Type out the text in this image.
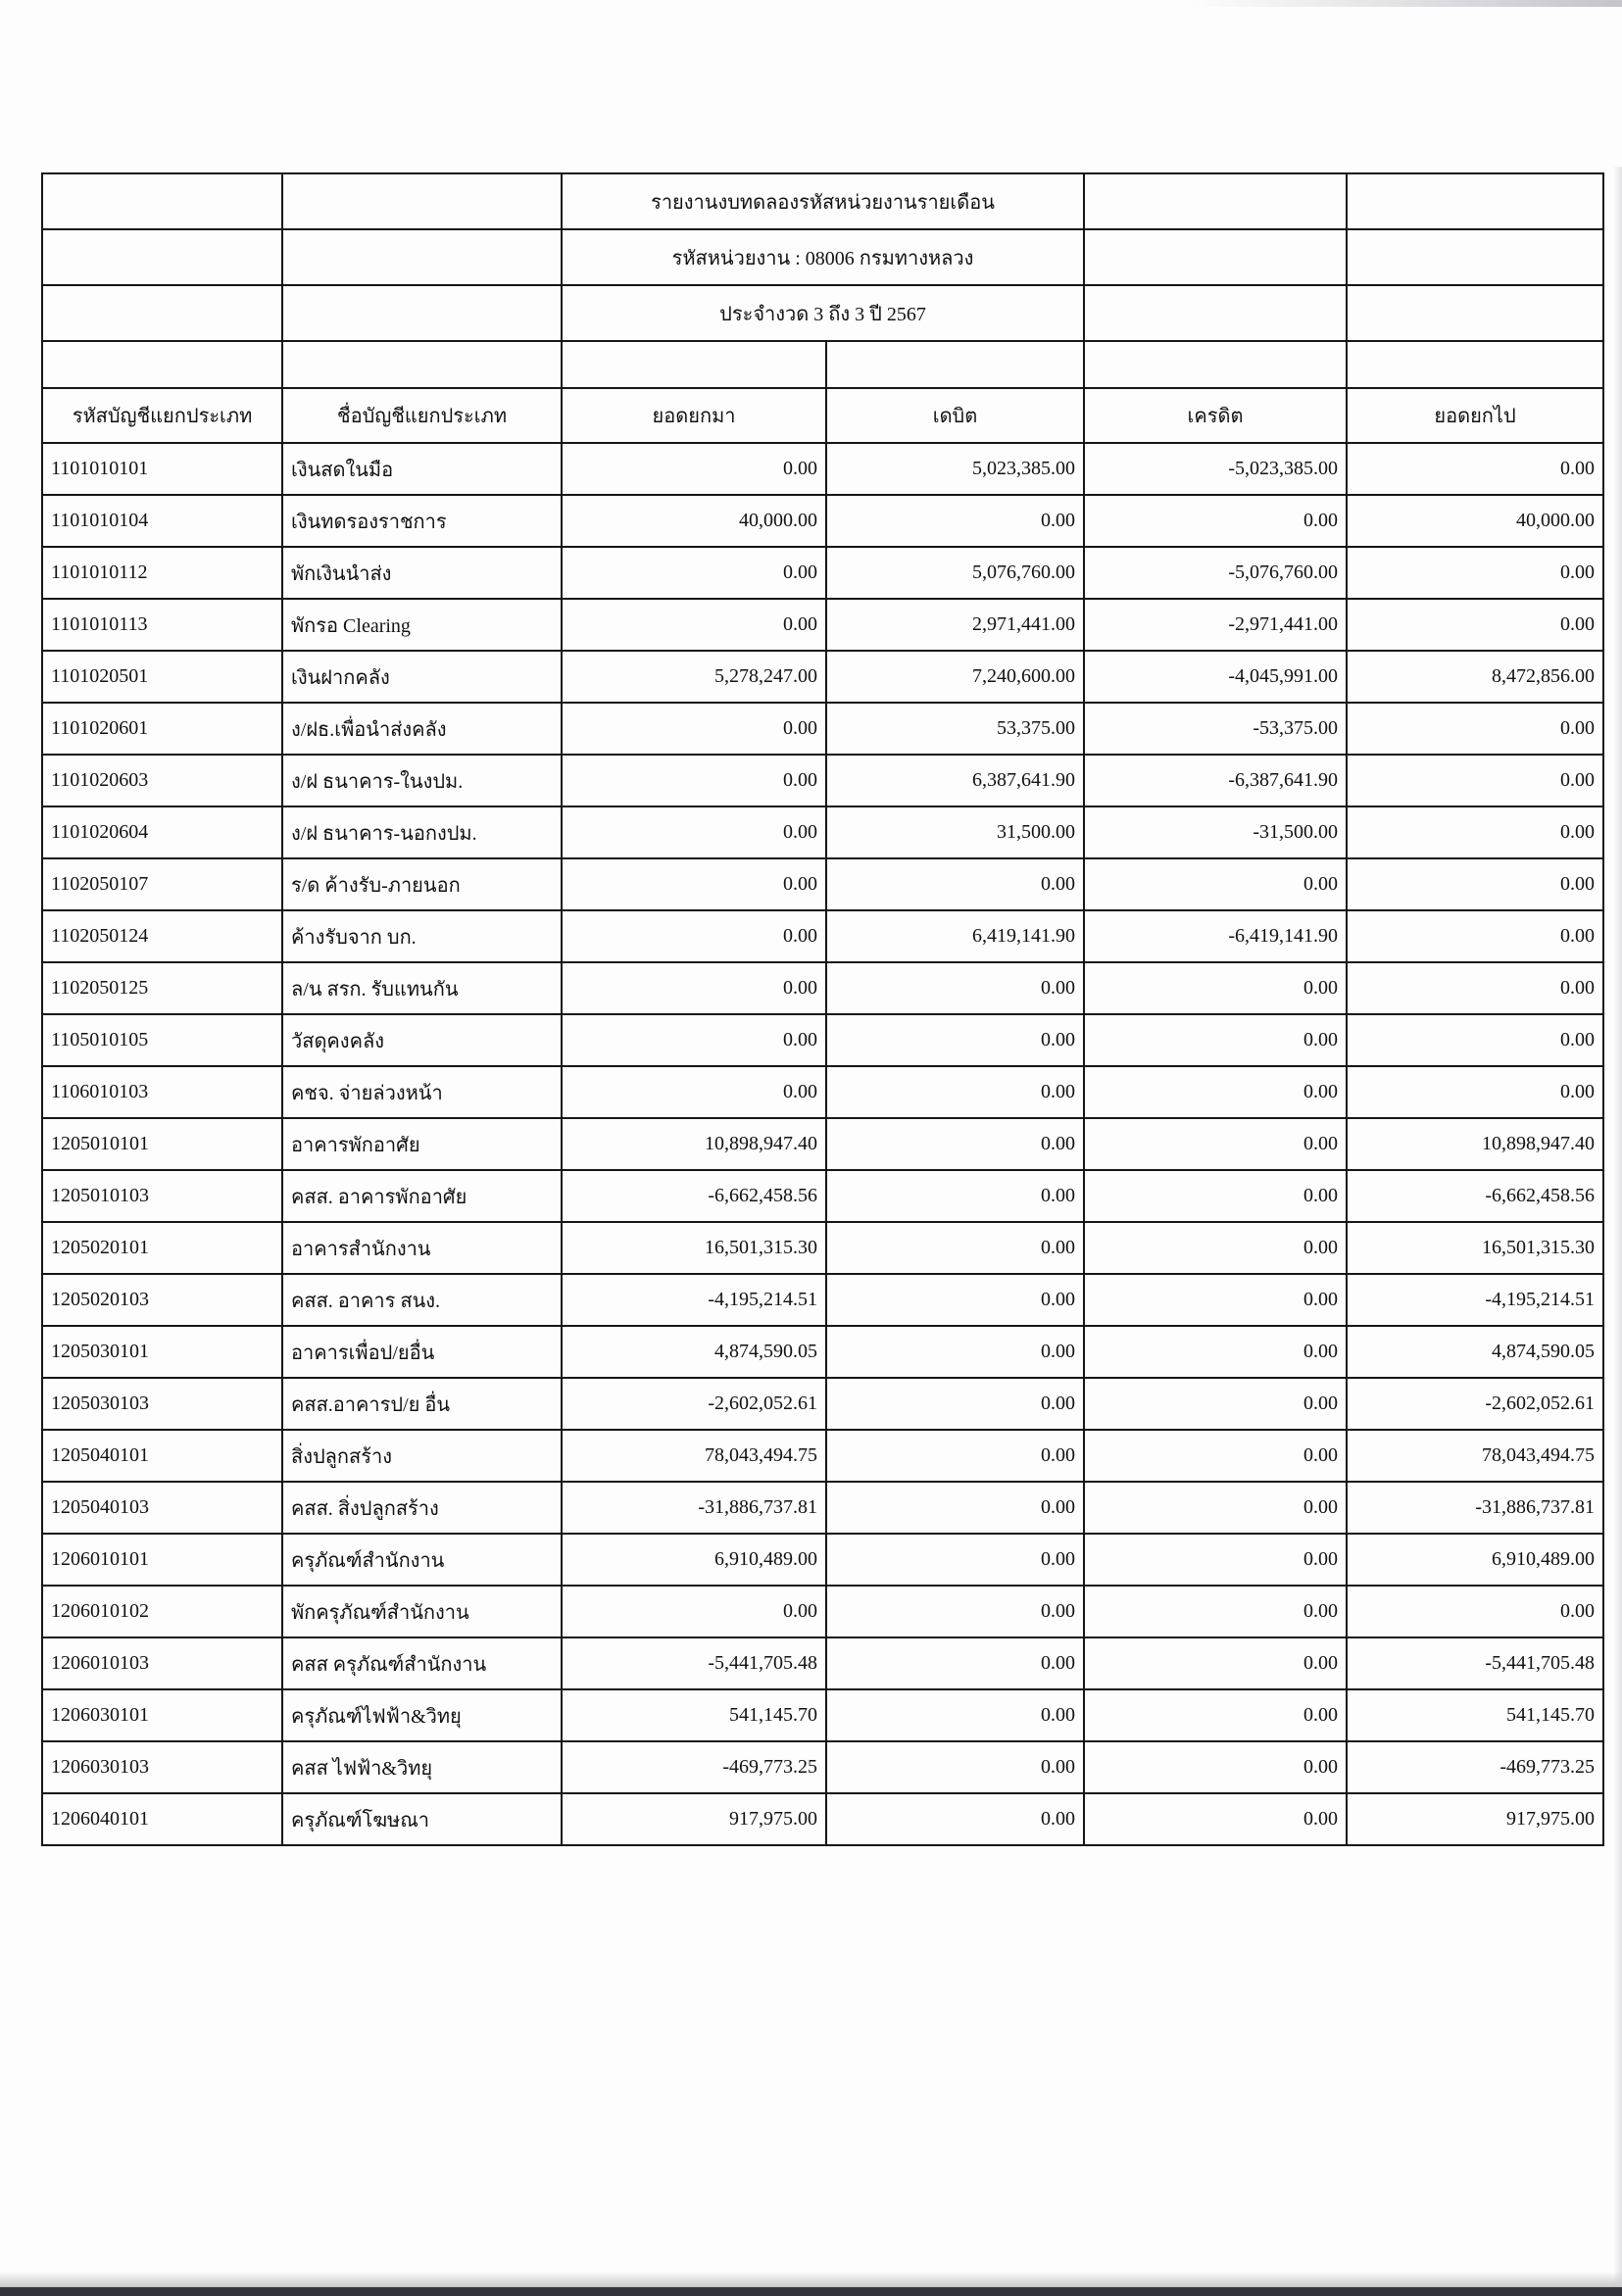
		รายงานงบทดลองรหัสหน่วยงานรายเดือน			
		รหัสหน่วยงาน : 08006 กรมทางหลวง			
		ประจำงวด 3 ถึง 3 ปี 2567			

รหัสบัญชีแยกประเภท	ชื่อบัญชีแยกประเภท	ยอดยกมา	เดบิต	เครดิต	ยอดยกไป
1101010101	เงินสดในมือ	0.00	5,023,385.00	-5,023,385.00	0.00
1101010104	เงินทดรองราชการ	40,000.00	0.00	0.00	40,000.00
1101010112	พักเงินนำส่ง	0.00	5,076,760.00	-5,076,760.00	0.00
1101010113	พักรอ Clearing	0.00	2,971,441.00	-2,971,441.00	0.00
1101020501	เงินฝากคลัง	5,278,247.00	7,240,600.00	-4,045,991.00	8,472,856.00
1101020601	ง/ฝธ.เพื่อนำส่งคลัง	0.00	53,375.00	-53,375.00	0.00
1101020603	ง/ฝ ธนาคาร-ในงปม.	0.00	6,387,641.90	-6,387,641.90	0.00
1101020604	ง/ฝ ธนาคาร-นอกงปม.	0.00	31,500.00	-31,500.00	0.00
1102050107	ร/ด ค้างรับ-ภายนอก	0.00	0.00	0.00	0.00
1102050124	ค้างรับจาก บก.	0.00	6,419,141.90	-6,419,141.90	0.00
1102050125	ล/น สรก. รับแทนกัน	0.00	0.00	0.00	0.00
1105010105	วัสดุคงคลัง	0.00	0.00	0.00	0.00
1106010103	คชจ. จ่ายล่วงหน้า	0.00	0.00	0.00	0.00
1205010101	อาคารพักอาศัย	10,898,947.40	0.00	0.00	10,898,947.40
1205010103	คสส. อาคารพักอาศัย	-6,662,458.56	0.00	0.00	-6,662,458.56
1205020101	อาคารสำนักงาน	16,501,315.30	0.00	0.00	16,501,315.30
1205020103	คสส. อาคาร สนง.	-4,195,214.51	0.00	0.00	-4,195,214.51
1205030101	อาคารเพื่อป/ยอื่น	4,874,590.05	0.00	0.00	4,874,590.05
1205030103	คสส.อาคารป/ย อื่น	-2,602,052.61	0.00	0.00	-2,602,052.61
1205040101	สิ่งปลูกสร้าง	78,043,494.75	0.00	0.00	78,043,494.75
1205040103	คสส. สิ่งปลูกสร้าง	-31,886,737.81	0.00	0.00	-31,886,737.81
1206010101	ครุภัณฑ์สำนักงาน	6,910,489.00	0.00	0.00	6,910,489.00
1206010102	พักครุภัณฑ์สำนักงาน	0.00	0.00	0.00	0.00
1206010103	คสส ครุภัณฑ์สำนักงาน	-5,441,705.48	0.00	0.00	-5,441,705.48
1206030101	ครุภัณฑ์ไฟฟ้า&วิทยุ	541,145.70	0.00	0.00	541,145.70
1206030103	คสส ไฟฟ้า&วิทยุ	-469,773.25	0.00	0.00	-469,773.25
1206040101	ครุภัณฑ์โฆษณา	917,975.00	0.00	0.00	917,975.00
